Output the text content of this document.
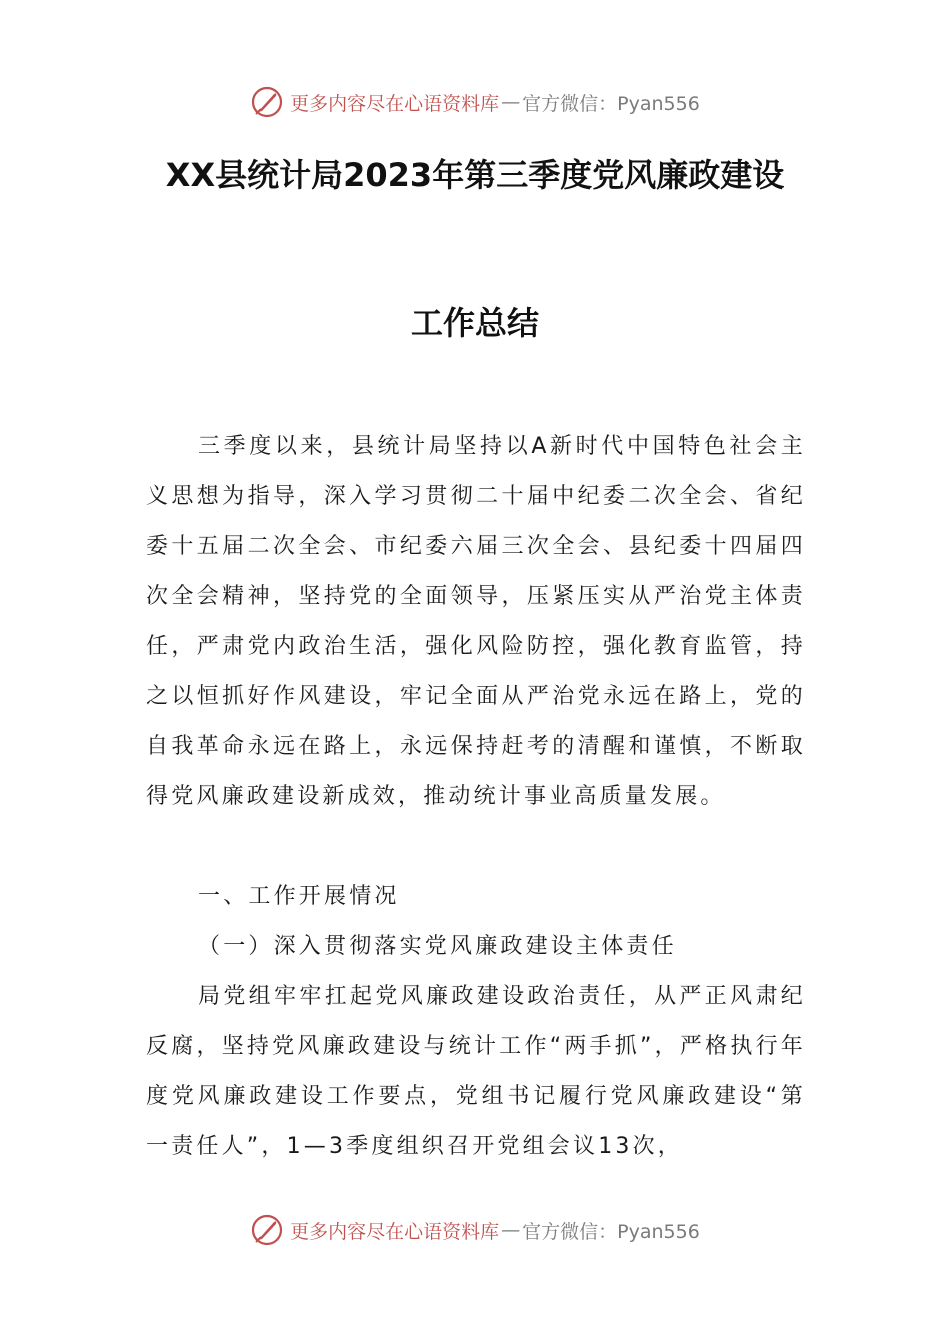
更多内容尽在心语资料库 — 官方微信：Pyan556
XX县统计局2023年第三季度党风廉政建设
工作总结

三季度以来，县统计局坚持以A新时代中国特色社会主义思想为指导，深入学习贯彻二十届中纪委二次全会、省纪委十五届二次全会、市纪委六届三次全会、县纪委十四届四次全会精神，坚持党的全面领导，压紧压实从严治党主体责任，严肃党内政治生活，强化风险防控，强化教育监管，持之以恒抓好作风建设，牢记全面从严治党永远在路上，党的自我革命永远在路上，永远保持赶考的清醒和谨慎，不断取得党风廉政建设新成效，推动统计事业高质量发展。

一、工作开展情况

（一）深入贯彻落实党风廉政建设主体责任

局党组牢牢扛起党风廉政建设政治责任，从严正风肃纪反腐，坚持党风廉政建设与统计工作“两手抓”，严格执行年度党风廉政建设工作要点，党组书记履行党风廉政建设“第一责任人”，1—3季度组织召开党组会议13次，

更多内容尽在心语资料库 — 官方微信：Pyan556
